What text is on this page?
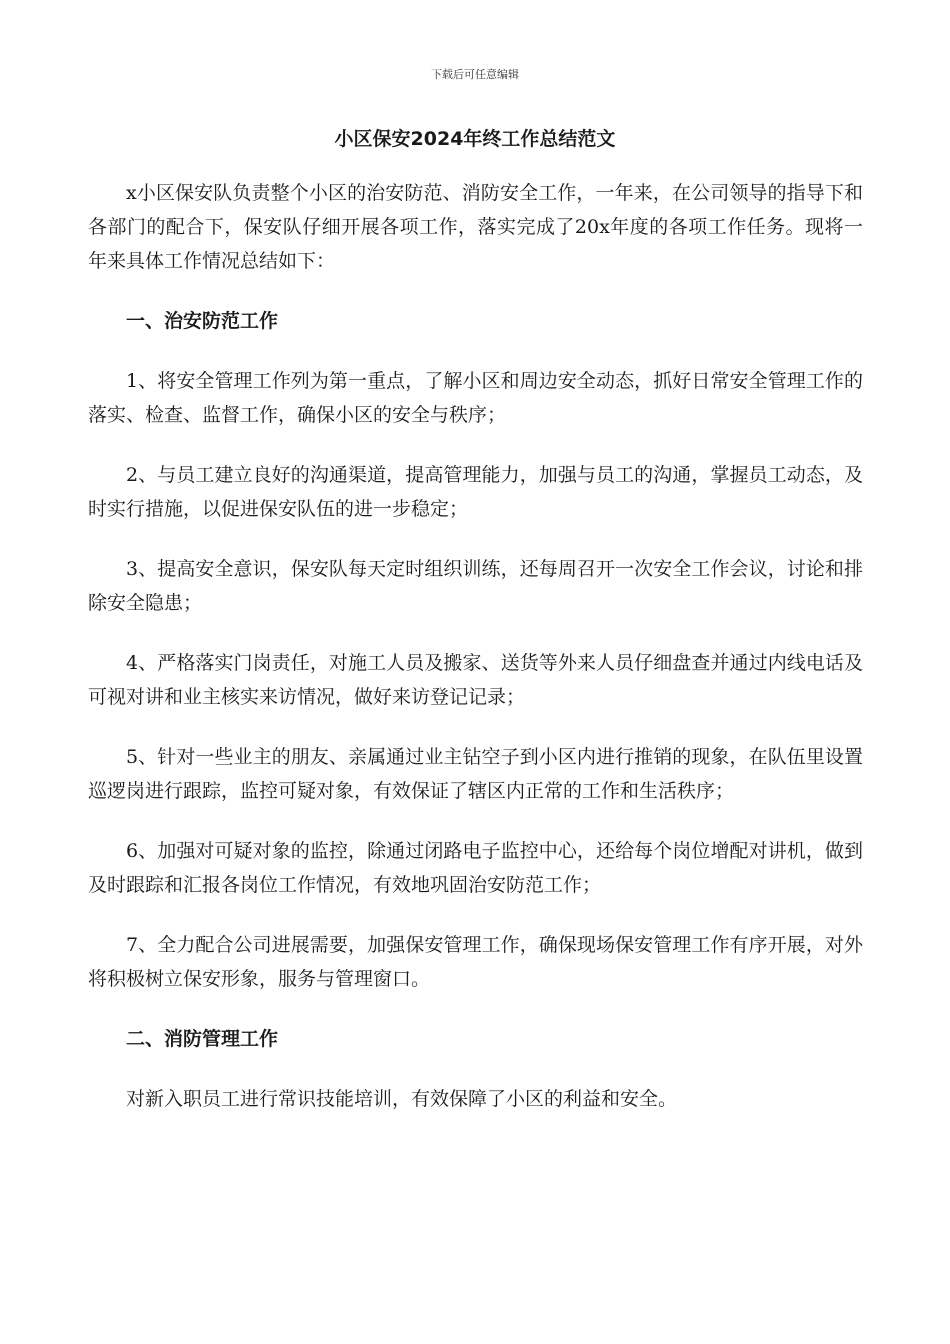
下载后可任意编辑
小区保安2024年终工作总结范文

x小区保安队负责整个小区的治安防范、消防安全工作，一年来，在公司领导的指导下和各部门的配合下，保安队仔细开展各项工作，落实完成了20x年度的各项工作任务。现将一年来具体工作情况总结如下：

一、治安防范工作

1、将安全管理工作列为第一重点，了解小区和周边安全动态，抓好日常安全管理工作的落实、检查、监督工作，确保小区的安全与秩序；

2、与员工建立良好的沟通渠道，提高管理能力，加强与员工的沟通，掌握员工动态，及时实行措施，以促进保安队伍的进一步稳定；

3、提高安全意识，保安队每天定时组织训练，还每周召开一次安全工作会议，讨论和排除安全隐患；

4、严格落实门岗责任，对施工人员及搬家、送货等外来人员仔细盘查并通过内线电话及可视对讲和业主核实来访情况，做好来访登记记录；

5、针对一些业主的朋友、亲属通过业主钻空子到小区内进行推销的现象，在队伍里设置巡逻岗进行跟踪，监控可疑对象，有效保证了辖区内正常的工作和生活秩序；

6、加强对可疑对象的监控，除通过闭路电子监控中心，还给每个岗位增配对讲机，做到及时跟踪和汇报各岗位工作情况，有效地巩固治安防范工作；

7、全力配合公司进展需要，加强保安管理工作，确保现场保安管理工作有序开展，对外将积极树立保安形象，服务与管理窗口。

二、消防管理工作

对新入职员工进行常识技能培训，有效保障了小区的利益和安全。
